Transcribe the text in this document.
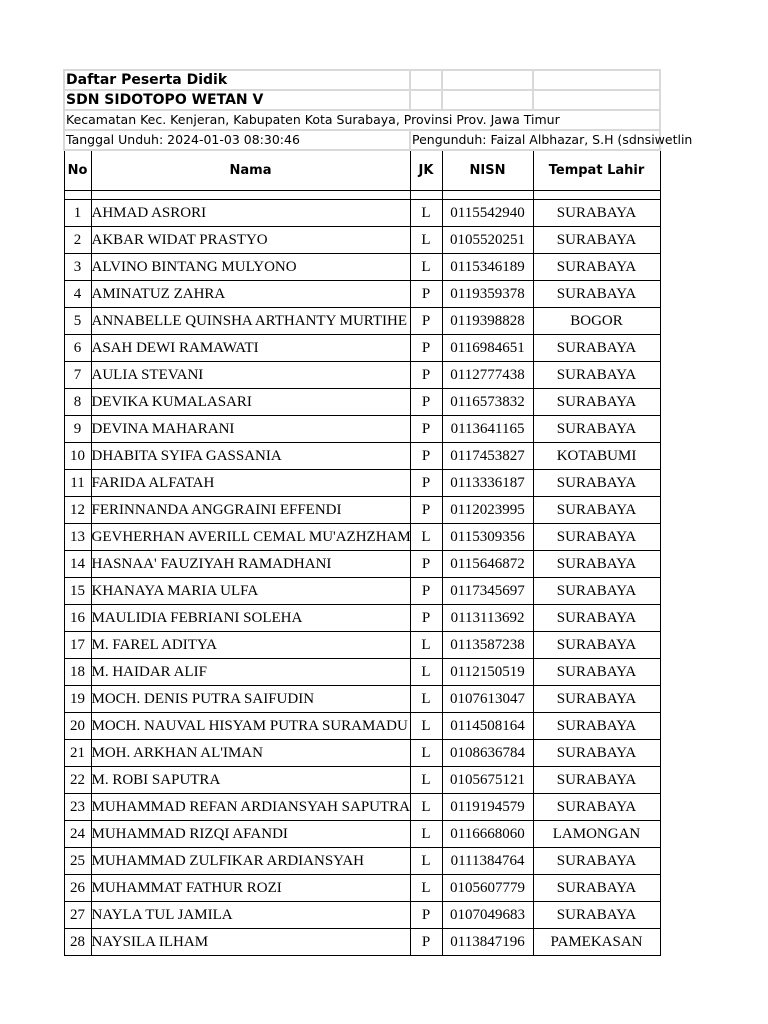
Daftar Peserta Didik				

SDN SIDOTOPO WETAN V				

Kecamatan Kec. Kenjeran, Kabupaten Kota Surabaya, Provinsi Prov. Jawa Timur				

Tanggal Unduh: 2024-01-03 08:30:46		Pengunduh: Faizal Albhazar, S.H (sdnsiwetlin		

No	Nama	JK	NISN	Tempat Lahir

1	AHMAD ASRORI	L	0115542940	SURABAYA
2	AKBAR WIDAT PRASTYO	L	0105520251	SURABAYA
3	ALVINO BINTANG MULYONO	L	0115346189	SURABAYA
4	AMINATUZ ZAHRA	P	0119359378	SURABAYA
5	ANNABELLE QUINSHA ARTHANTY MURTIHE	P	0119398828	BOGOR
6	ASAH DEWI RAMAWATI	P	0116984651	SURABAYA
7	AULIA STEVANI	P	0112777438	SURABAYA
8	DEVIKA KUMALASARI	P	0116573832	SURABAYA
9	DEVINA MAHARANI	P	0113641165	SURABAYA
10	DHABITA SYIFA GASSANIA	P	0117453827	KOTABUMI
11	FARIDA ALFATAH	P	0113336187	SURABAYA
12	FERINNANDA ANGGRAINI EFFENDI	P	0112023995	SURABAYA
13	GEVHERHAN AVERILL CEMAL MU'AZHZHAM	L	0115309356	SURABAYA
14	HASNAA' FAUZIYAH RAMADHANI	P	0115646872	SURABAYA
15	KHANAYA MARIA ULFA	P	0117345697	SURABAYA
16	MAULIDIA FEBRIANI SOLEHA	P	0113113692	SURABAYA
17	M. FAREL ADITYA	L	0113587238	SURABAYA
18	M. HAIDAR ALIF	L	0112150519	SURABAYA
19	MOCH. DENIS PUTRA SAIFUDIN	L	0107613047	SURABAYA
20	MOCH. NAUVAL HISYAM PUTRA SURAMADU	L	0114508164	SURABAYA
21	MOH. ARKHAN AL'IMAN	L	0108636784	SURABAYA
22	M. ROBI SAPUTRA	L	0105675121	SURABAYA
23	MUHAMMAD REFAN ARDIANSYAH SAPUTRA	L	0119194579	SURABAYA
24	MUHAMMAD RIZQI AFANDI	L	0116668060	LAMONGAN
25	MUHAMMAD ZULFIKAR ARDIANSYAH	L	0111384764	SURABAYA
26	MUHAMMAT FATHUR ROZI	L	0105607779	SURABAYA
27	NAYLA TUL JAMILA	P	0107049683	SURABAYA
28	NAYSILA ILHAM	P	0113847196	PAMEKASAN
